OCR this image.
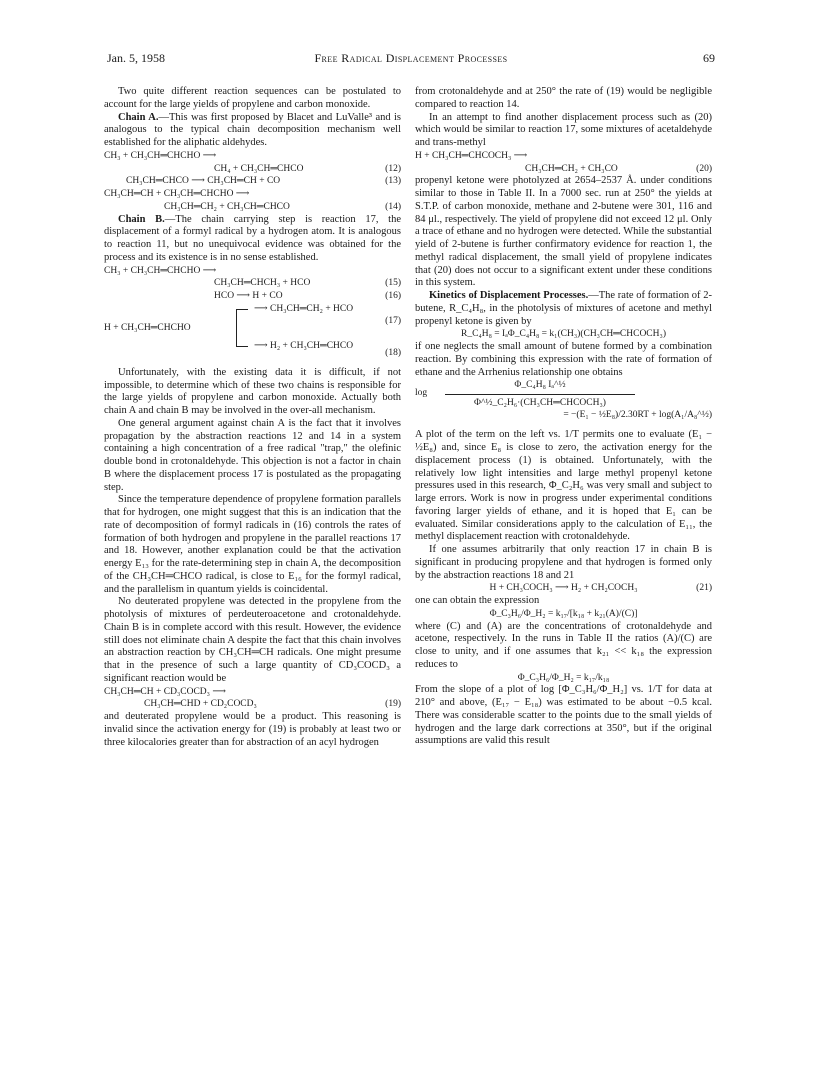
Jan. 5, 1958	Free Radical Displacement Processes	69

Two quite different reaction sequences can be postulated to account for the large yields of propylene and carbon monoxide.

Chain A.—This was first proposed by Blacet and LuValle³ and is analogous to the typical chain decomposition mechanism well established for the aliphatic aldehydes.

CH₃ + CH₃CH═CHCHO ⟶
CH₄ + CH₃CH═CHCO	(12)
CH₃CH═CHCO ⟶ CH₃CH═CH + CO	(13)
CH₃CH═CH + CH₃CH═CHCHO ⟶
CH₃CH═CH₂ + CH₃CH═CHCO	(14)

Chain B.—The chain carrying step is reaction 17, the displacement of a formyl radical by a hydrogen atom. It is analogous to reaction 11, but no unequivocal evidence was obtained for the process and its existence is in no sense established.

CH₃ + CH₃CH═CHCHO ⟶
CH₃CH═CHCH₃ + HCO	(15)
HCO ⟶ H + CO	(16)
H + CH₃CH═CHCHO
⟶ CH₃CH═CH₂ + HCO
(17)
⟶ H₂ + CH₃CH═CHCO
(18)

Unfortunately, with the existing data it is difficult, if not impossible, to determine which of these two chains is responsible for the large yields of propylene and carbon monoxide. Actually both chain A and chain B may be involved in the over-all mechanism.

One general argument against chain A is the fact that it involves propagation by the abstraction reactions 12 and 14 in a system containing a high concentration of a free radical "trap," the olefinic double bond in crotonaldehyde. This objection is not a factor in chain B where the displacement process 17 is postulated as the propagating step.

Since the temperature dependence of propylene formation parallels that for hydrogen, one might suggest that this is an indication that the rate of decomposition of formyl radicals in (16) controls the rates of formation of both hydrogen and propylene in the parallel reactions 17 and 18. However, another explanation could be that the activation energy E₁₃ for the rate-determining step in chain A, the decomposition of the CH₃CH═CHCO radical, is close to E₁₆ for the formyl radical, and the parallelism in quantum yields is coincidental.

No deuterated propylene was detected in the propylene from the photolysis of mixtures of perdeuteroacetone and crotonaldehyde. Chain B is in complete accord with this result. However, the evidence still does not eliminate chain A despite the fact that this chain involves an abstraction reaction by CH₃CH═CH radicals. One might presume that in the presence of such a large quantity of CD₃COCD₃ a significant reaction would be

CH₃CH═CH + CD₃COCD₃ ⟶
CH₃CH═CHD + CD₂COCD₃	(19)

and deuterated propylene would be a product. This reasoning is invalid since the activation energy for (19) is probably at least two or three kilocalories greater than for abstraction of an acyl hydrogen

from crotonaldehyde and at 250° the rate of (19) would be negligible compared to reaction 14.

In an attempt to find another displacement process such as (20) which would be similar to reaction 17, some mixtures of acetaldehyde and trans-methyl

H + CH₃CH═CHCOCH₃ ⟶
CH₃CH═CH₂ + CH₃CO	(20)

propenyl ketone were photolyzed at 2654–2537 Å. under conditions similar to those in Table II. In a 7000 sec. run at 250° the yields at S.T.P. of carbon monoxide, methane and 2-butene were 301, 116 and 84 μl., respectively. The yield of propylene did not exceed 12 μl. Only a trace of ethane and no hydrogen were detected. While the substantial yield of 2-butene is further confirmatory evidence for reaction 1, the methyl radical displacement, the small yield of propylene indicates that (20) does not occur to a significant extent under these conditions in this system.

Kinetics of Displacement Processes.—The rate of formation of 2-butene, R_C₄H₈, in the photolysis of mixtures of acetone and methyl propenyl ketone is given by

R_C₄H₈ = IₐΦ_C₄H₈ = k₁(CH₃)(CH₃CH═CHCOCH₃)

if one neglects the small amount of butene formed by a combination reaction. By combining this expression with the rate of formation of ethane and the Arrhenius relationship one obtains

log
Φ_C₄H₈ Iₐ^½
Φ^½_C₂H₆·(CH₃CH═CHCOCH₃)
= −(E₁ − ½E₈)/2.30RT + log(A₁/A₈^½)

A plot of the term on the left vs. 1/T permits one to evaluate (E₁ − ½E₈) and, since E₈ is close to zero, the activation energy for the displacement process (1) is obtained. Unfortunately, with the relatively low light intensities and large methyl propenyl ketone pressures used in this research, Φ_C₂H₆ was very small and subject to large errors. Work is now in progress under experimental conditions favoring larger yields of ethane, and it is hoped that E₁ can be evaluated. Similar considerations apply to the calculation of E₁₁, the methyl displacement reaction with crotonaldehyde.

If one assumes arbitrarily that only reaction 17 in chain B is significant in producing propylene and that hydrogen is formed only by the abstraction reactions 18 and 21

H + CH₃COCH₃ ⟶ H₂ + CH₂COCH₃	(21)

one can obtain the expression

Φ_C₃H₆/Φ_H₂ = k₁₇/[k₁₈ + k₂₁(A)/(C)]

where (C) and (A) are the concentrations of crotonaldehyde and acetone, respectively. In the runs in Table II the ratios (A)/(C) are close to unity, and if one assumes that k₂₁ << k₁₈ the expression reduces to

Φ_C₃H₆/Φ_H₂ = k₁₇/k₁₈

From the slope of a plot of log [Φ_C₃H₆/Φ_H₂] vs. 1/T for data at 210° and above, (E₁₇ − E₁₈) was estimated to be about −0.5 kcal. There was considerable scatter to the points due to the small yields of hydrogen and the large dark corrections at 350°, but if the original assumptions are valid this result
